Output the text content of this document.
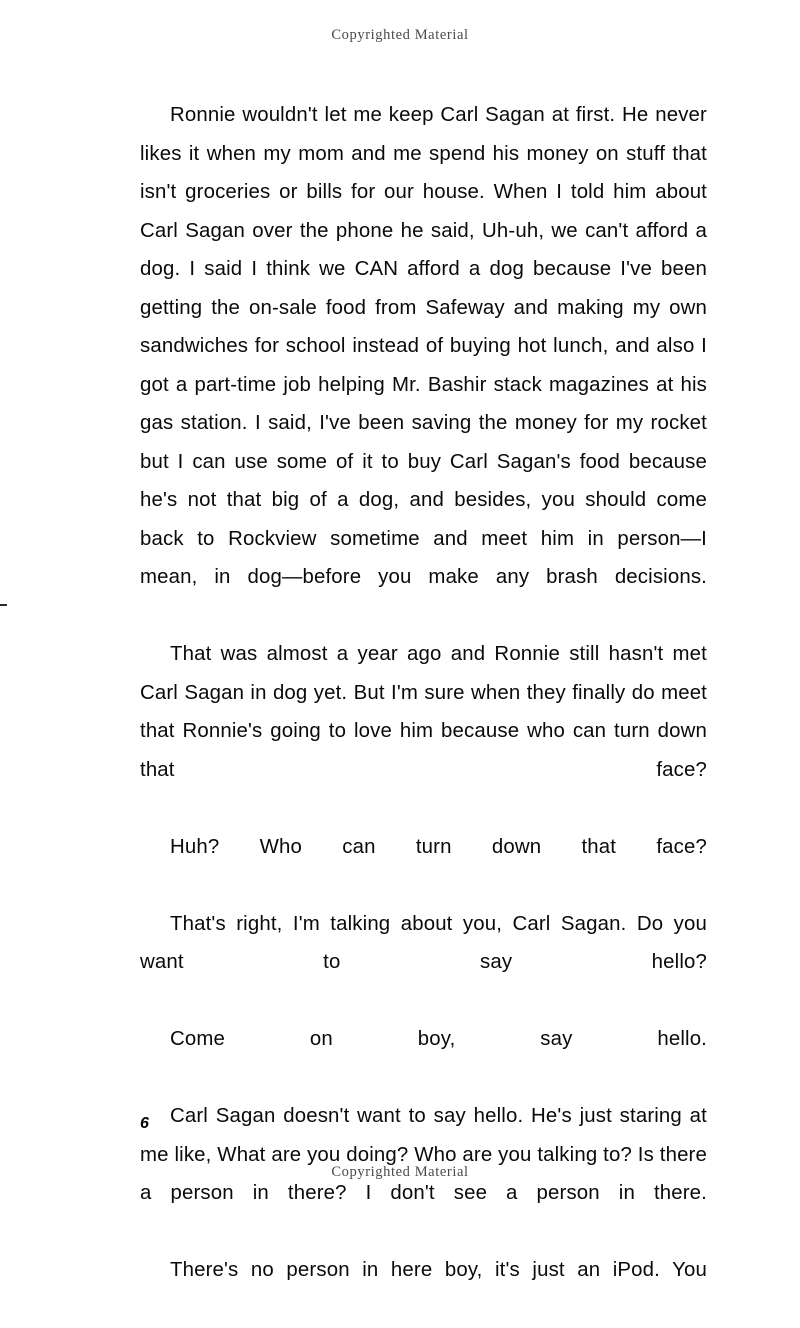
Copyrighted Material

Ronnie wouldn't let me keep Carl Sagan at first. He never likes it when my mom and me spend his money on stuff that isn't groceries or bills for our house. When I told him about Carl Sagan over the phone he said, Uh-uh, we can't afford a dog. I said I think we CAN afford a dog because I've been getting the on-sale food from Safeway and making my own sandwiches for school instead of buying hot lunch, and also I got a part-time job helping Mr. Bashir stack magazines at his gas station. I said, I've been saving the money for my rocket but I can use some of it to buy Carl Sagan's food because he's not that big of a dog, and besides, you should come back to Rockview sometime and meet him in person—I mean, in dog—before you make any brash decisions.

That was almost a year ago and Ronnie still hasn't met Carl Sagan in dog yet. But I'm sure when they finally do meet that Ronnie's going to love him because who can turn down that face?

Huh? Who can turn down that face?

That's right, I'm talking about you, Carl Sagan. Do you want to say hello?

Come on boy, say hello.

Carl Sagan doesn't want to say hello. He's just staring at me like, What are you doing? Who are you talking to? Is there a person in there? I don't see a person in there.

There's no person in here boy, it's just an iPod. You

6
Copyrighted Material
